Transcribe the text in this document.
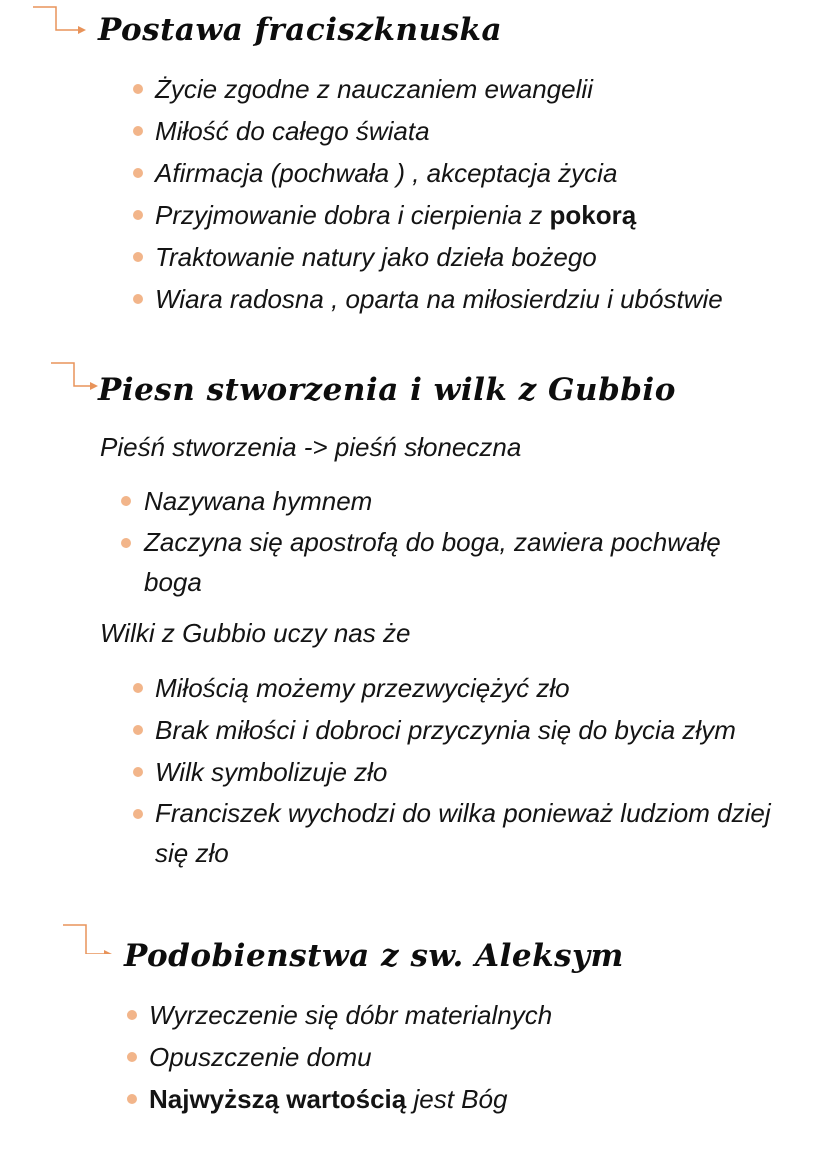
Postawa fraciszknuska
Życie zgodne z nauczaniem ewangelii
Miłość do całego świata
Afirmacja (pochwała ) , akceptacja życia
Przyjmowanie dobra i cierpienia z pokorą
Traktowanie natury jako dzieła bożego
Wiara radosna , oparta na miłosierdziu i ubóstwie
Piesn stworzenia i wilk z Gubbio

Pieśń stworzenia -> pieśń słoneczna

Nazywana hymnem
Zaczyna się apostrofą do boga, zawiera pochwałę boga

Wilki z Gubbio uczy nas że

Miłością możemy przezwyciężyć zło
Brak miłości i dobroci przyczynia się do bycia złym
Wilk symbolizuje zło
Franciszek wychodzi do wilka ponieważ ludziom dziej się zło
Podobienstwa z sw. Aleksym
Wyrzeczenie się dóbr materialnych
Opuszczenie domu
Najwyższą wartością jest Bóg
